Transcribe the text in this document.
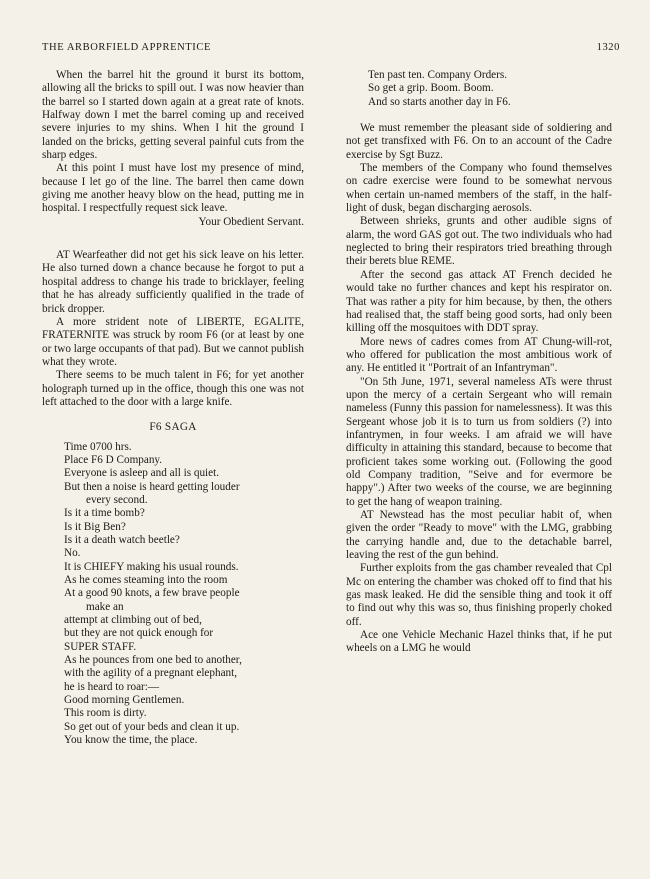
THE ARBORFIELD APPRENTICE	1320

When the barrel hit the ground it burst its bottom, allowing all the bricks to spill out. I was now heavier than the barrel so I started down again at a great rate of knots. Halfway down I met the barrel coming up and received severe injuries to my shins. When I hit the ground I landed on the bricks, getting several painful cuts from the sharp edges.

At this point I must have lost my presence of mind, because I let go of the line. The barrel then came down giving me another heavy blow on the head, putting me in hospital. I respectfully request sick leave.

Your Obedient Servant.

AT Wearfeather did not get his sick leave on his letter. He also turned down a chance because he forgot to put a hospital address to change his trade to bricklayer, feeling that he has already sufficiently qualified in the trade of brick dropper.

A more strident note of LIBERTE, EGALITE, FRATERNITE was struck by room F6 (or at least by one or two large occupants of that pad). But we cannot publish what they wrote.

There seems to be much talent in F6; for yet another holograph turned up in the office, though this one was not left attached to the door with a large knife.

F6 SAGA
Time 0700 hrs.
Place F6 D Company.
Everyone is asleep and all is quiet.
But then a noise is heard getting louder
every second.
Is it a time bomb?
Is it Big Ben?
Is it a death watch beetle?
No.
It is CHIEFY making his usual rounds.
As he comes steaming into the room
At a good 90 knots, a few brave people
make an
attempt at climbing out of bed,
but they are not quick enough for
SUPER STAFF.
As he pounces from one bed to another,
with the agility of a pregnant elephant,
he is heard to roar:—
Good morning Gentlemen.
This room is dirty.
So get out of your beds and clean it up.
You know the time, the place.
Ten past ten. Company Orders.
So get a grip. Boom. Boom.
And so starts another day in F6.

We must remember the pleasant side of soldiering and not get transfixed with F6. On to an account of the Cadre exercise by Sgt Buzz.

The members of the Company who found themselves on cadre exercise were found to be somewhat nervous when certain un-named members of the staff, in the half-light of dusk, began discharging aerosols.

Between shrieks, grunts and other audible signs of alarm, the word GAS got out. The two individuals who had neglected to bring their respirators tried breathing through their berets blue REME.

After the second gas attack AT French decided he would take no further chances and kept his respirator on. That was rather a pity for him because, by then, the others had realised that, the staff being good sorts, had only been killing off the mosquitoes with DDT spray.

More news of cadres comes from AT Chung-will-rot, who offered for publication the most ambitious work of any. He entitled it "Portrait of an Infantryman".

"On 5th June, 1971, several nameless ATs were thrust upon the mercy of a certain Sergeant who will remain nameless (Funny this passion for namelessness). It was this Sergeant whose job it is to turn us from soldiers (?) into infantrymen, in four weeks. I am afraid we will have difficulty in attaining this standard, because to become that proficient takes some working out. (Following the good old Company tradition, "Seive and for evermore be happy".) After two weeks of the course, we are beginning to get the hang of weapon training.

AT Newstead has the most peculiar habit of, when given the order "Ready to move" with the LMG, grabbing the carrying handle and, due to the detachable barrel, leaving the rest of the gun behind.

Further exploits from the gas chamber revealed that Cpl Mc on entering the chamber was choked off to find that his gas mask leaked. He did the sensible thing and took it off to find out why this was so, thus finishing properly choked off.

Ace one Vehicle Mechanic Hazel thinks that, if he put wheels on a LMG he would
